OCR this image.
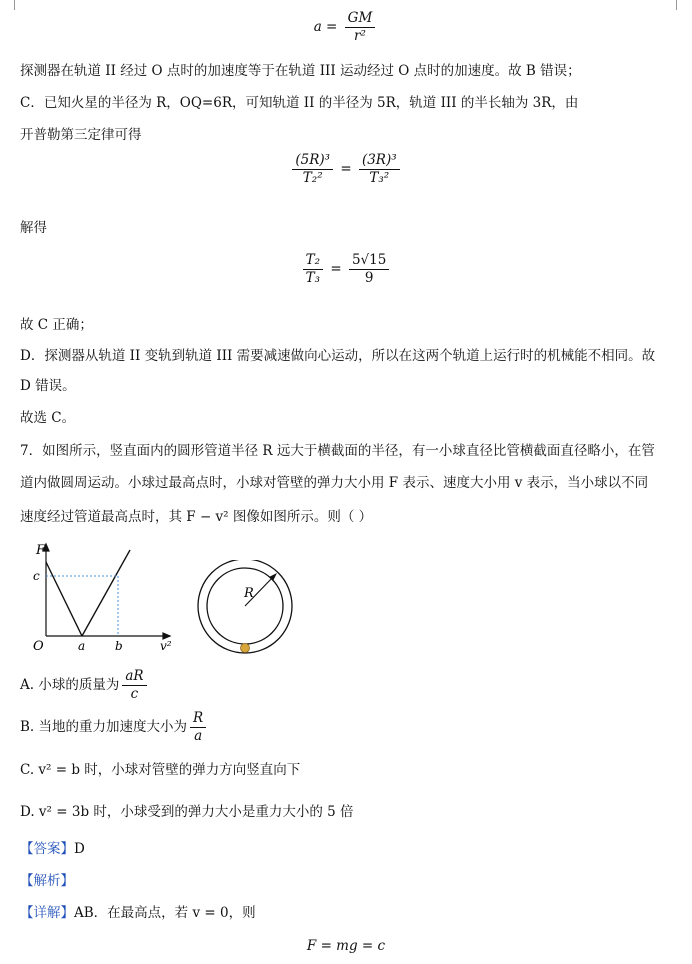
$a = \frac{GM}{\text{r²}}$
探测器在轨道 II 经过 O 点时的加速度等于在轨道 III 运动经过 O 点时的加速度。故 B 错误；
C．已知火星的半径为 R，OQ=6R，可知轨道 II 的半径为 5R，轨道 III 的半长轴为 3R，由
开普勒第三定律可得
$\frac{\text{(5R)³}}{\text{T₂²}} = \frac{\text{(3R)³}}{\text{T₃²}}$
解得
$\frac{\text{T₂}}{\text{T₃}} = \frac{5√15}{9}$
故 C 正确；
D．探测器从轨道 II 变轨到轨道 III 需要减速做向心运动，所以在这两个轨道上运行时的机械能不相同。故
D 错误。
故选 C。
7．如图所示，竖直面内的圆形管道半径 R 远大于横截面的半径，有一小球直径比管横截面直径略小，在管
道内做圆周运动。小球过最高点时，小球对管壁的弹力大小用 F 表示、速度大小用 v 表示，当小球以不同
速度经过管道最高点时，其 F − v² 图像如图所示。则（ ）
F
c
O	a b	v²
R
A. 小球的质量为 $\frac{aR}{c}$
B. 当地的重力加速度大小为 $\frac{R}{a}$
C. v² = b 时，小球对管壁的弹力方向竖直向下
D. v² = 3b 时，小球受到的弹力大小是重力大小的 5 倍
【答案】D
【解析】
【详解】AB．在最高点，若 v = 0，则
F = mg = c
